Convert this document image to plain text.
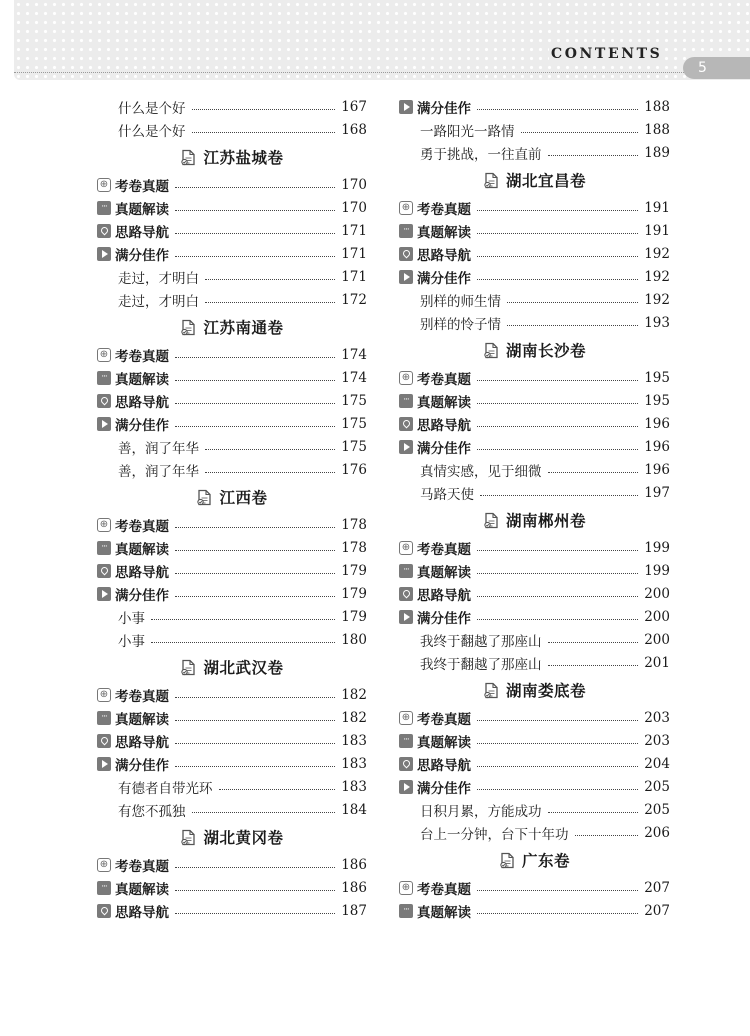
CONTENTS
5
什么是个好	167
什么是个好	168
江苏盐城卷
⊕ 考卷真题	170
··· 真题解读	170
思路导航	171
满分佳作	171
走过，才明白	171
走过，才明白	172
江苏南通卷
⊕ 考卷真题	174
··· 真题解读	174
思路导航	175
满分佳作	175
善，润了年华	175
善，润了年华	176
江西卷
⊕ 考卷真题	178
··· 真题解读	178
思路导航	179
满分佳作	179
小事	179
小事	180
湖北武汉卷
⊕ 考卷真题	182
··· 真题解读	182
思路导航	183
满分佳作	183
有德者自带光环	183
有您不孤独	184
湖北黄冈卷
⊕ 考卷真题	186
··· 真题解读	186
思路导航	187
满分佳作	188
一路阳光一路情	188
勇于挑战，一往直前	189
湖北宜昌卷
⊕ 考卷真题	191
··· 真题解读	191
思路导航	192
满分佳作	192
别样的师生情	192
别样的怜子情	193
湖南长沙卷
⊕ 考卷真题	195
··· 真题解读	195
思路导航	196
满分佳作	196
真情实感，见于细微	196
马路天使	197
湖南郴州卷
⊕ 考卷真题	199
··· 真题解读	199
思路导航	200
满分佳作	200
我终于翻越了那座山	200
我终于翻越了那座山	201
湖南娄底卷
⊕ 考卷真题	203
··· 真题解读	203
思路导航	204
满分佳作	205
日积月累，方能成功	205
台上一分钟，台下十年功	206
广东卷
⊕ 考卷真题	207
··· 真题解读	207
